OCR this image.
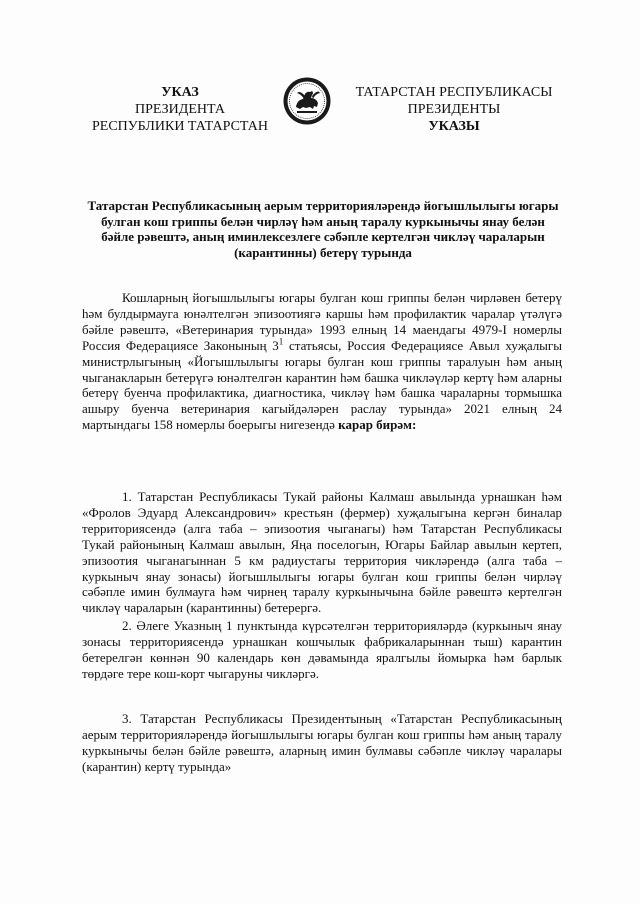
УКАЗ
ПРЕЗИДЕНТА
РЕСПУБЛИКИ ТАТАРСТАН
ТАТАРСТАН РЕСПУБЛИКАСЫ
ПРЕЗИДЕНТЫ
УКАЗЫ
Татарстан Республикасының аерым территорияләрендә йогышлылыгы югары булган кош гриппы белән чирләү һәм аның таралу куркынычы янау белән бәйле рәвештә, аның иминлексезлеге сәбәпле кертелгән чикләү чараларын (карантинны) бетерү турында

Кошларның йогышлылыгы югары булган кош гриппы белән чирләвен бетерү һәм булдырмауга юнәлтелгән эпизоотиягә каршы һәм профилактик чаралар үтәлүгә бәйле рәвештә, «Ветеринария турында» 1993 елның 14 маендагы 4979-I номерлы Россия Федерациясе Законының $3^1$ статьясы, Россия Федерациясе Авыл хуҗалыгы министрлыгының «Йогышлылыгы югары булган кош гриппы таралуын һәм аның чыганакларын бетерүгә юнәлтелгән карантин һәм башка чикләүләр кертү һәм аларны бетерү буенча профилактика, диагностика, чикләү һәм башка чараларны тормышка ашыру буенча ветеринария кагыйдәләрен раслау турында» 2021 елның 24 мартындагы 158 номерлы боерыгы нигезендә карар бирәм:

1. Татарстан Республикасы Тукай районы Калмаш авылында урнашкан һәм «Фролов Эдуард Александрович» крестьян (фермер) хуҗалыгына кергән биналар территориясендә (алга таба – эпизоотия чыганагы) һәм Татарстан Республикасы Тукай районының Калмаш авылын, Яңа поселогын, Югары Байлар авылын кертеп, эпизоотия чыганагыннан 5 км радиустагы территория чикләрендә (алга таба – куркыныч янау зонасы) йогышлылыгы югары булган кош гриппы белән чирләү сәбәпле имин булмауга һәм чирнең таралу куркынычына бәйле рәвештә кертелгән чикләү чараларын (карантинны) бетерергә.

2. Әлеге Указның 1 пунктында күрсәтелгән территорияләрдә (куркыныч янау зонасы территориясендә урнашкан кошчылык фабрикаларыннан тыш) карантин бетерелгән көннән 90 календарь көн дәвамында яралгылы йомырка һәм барлык төрдәге тере кош-корт чыгаруны чикләргә.

3. Татарстан Республикасы Президентының «Татарстан Республикасының аерым территорияләрендә йогышлылыгы югары булган кош гриппы һәм аның таралу куркынычы белән бәйле рәвештә, аларның имин булмавы сәбәпле чикләү чаралары (карантин) кертү турында»
